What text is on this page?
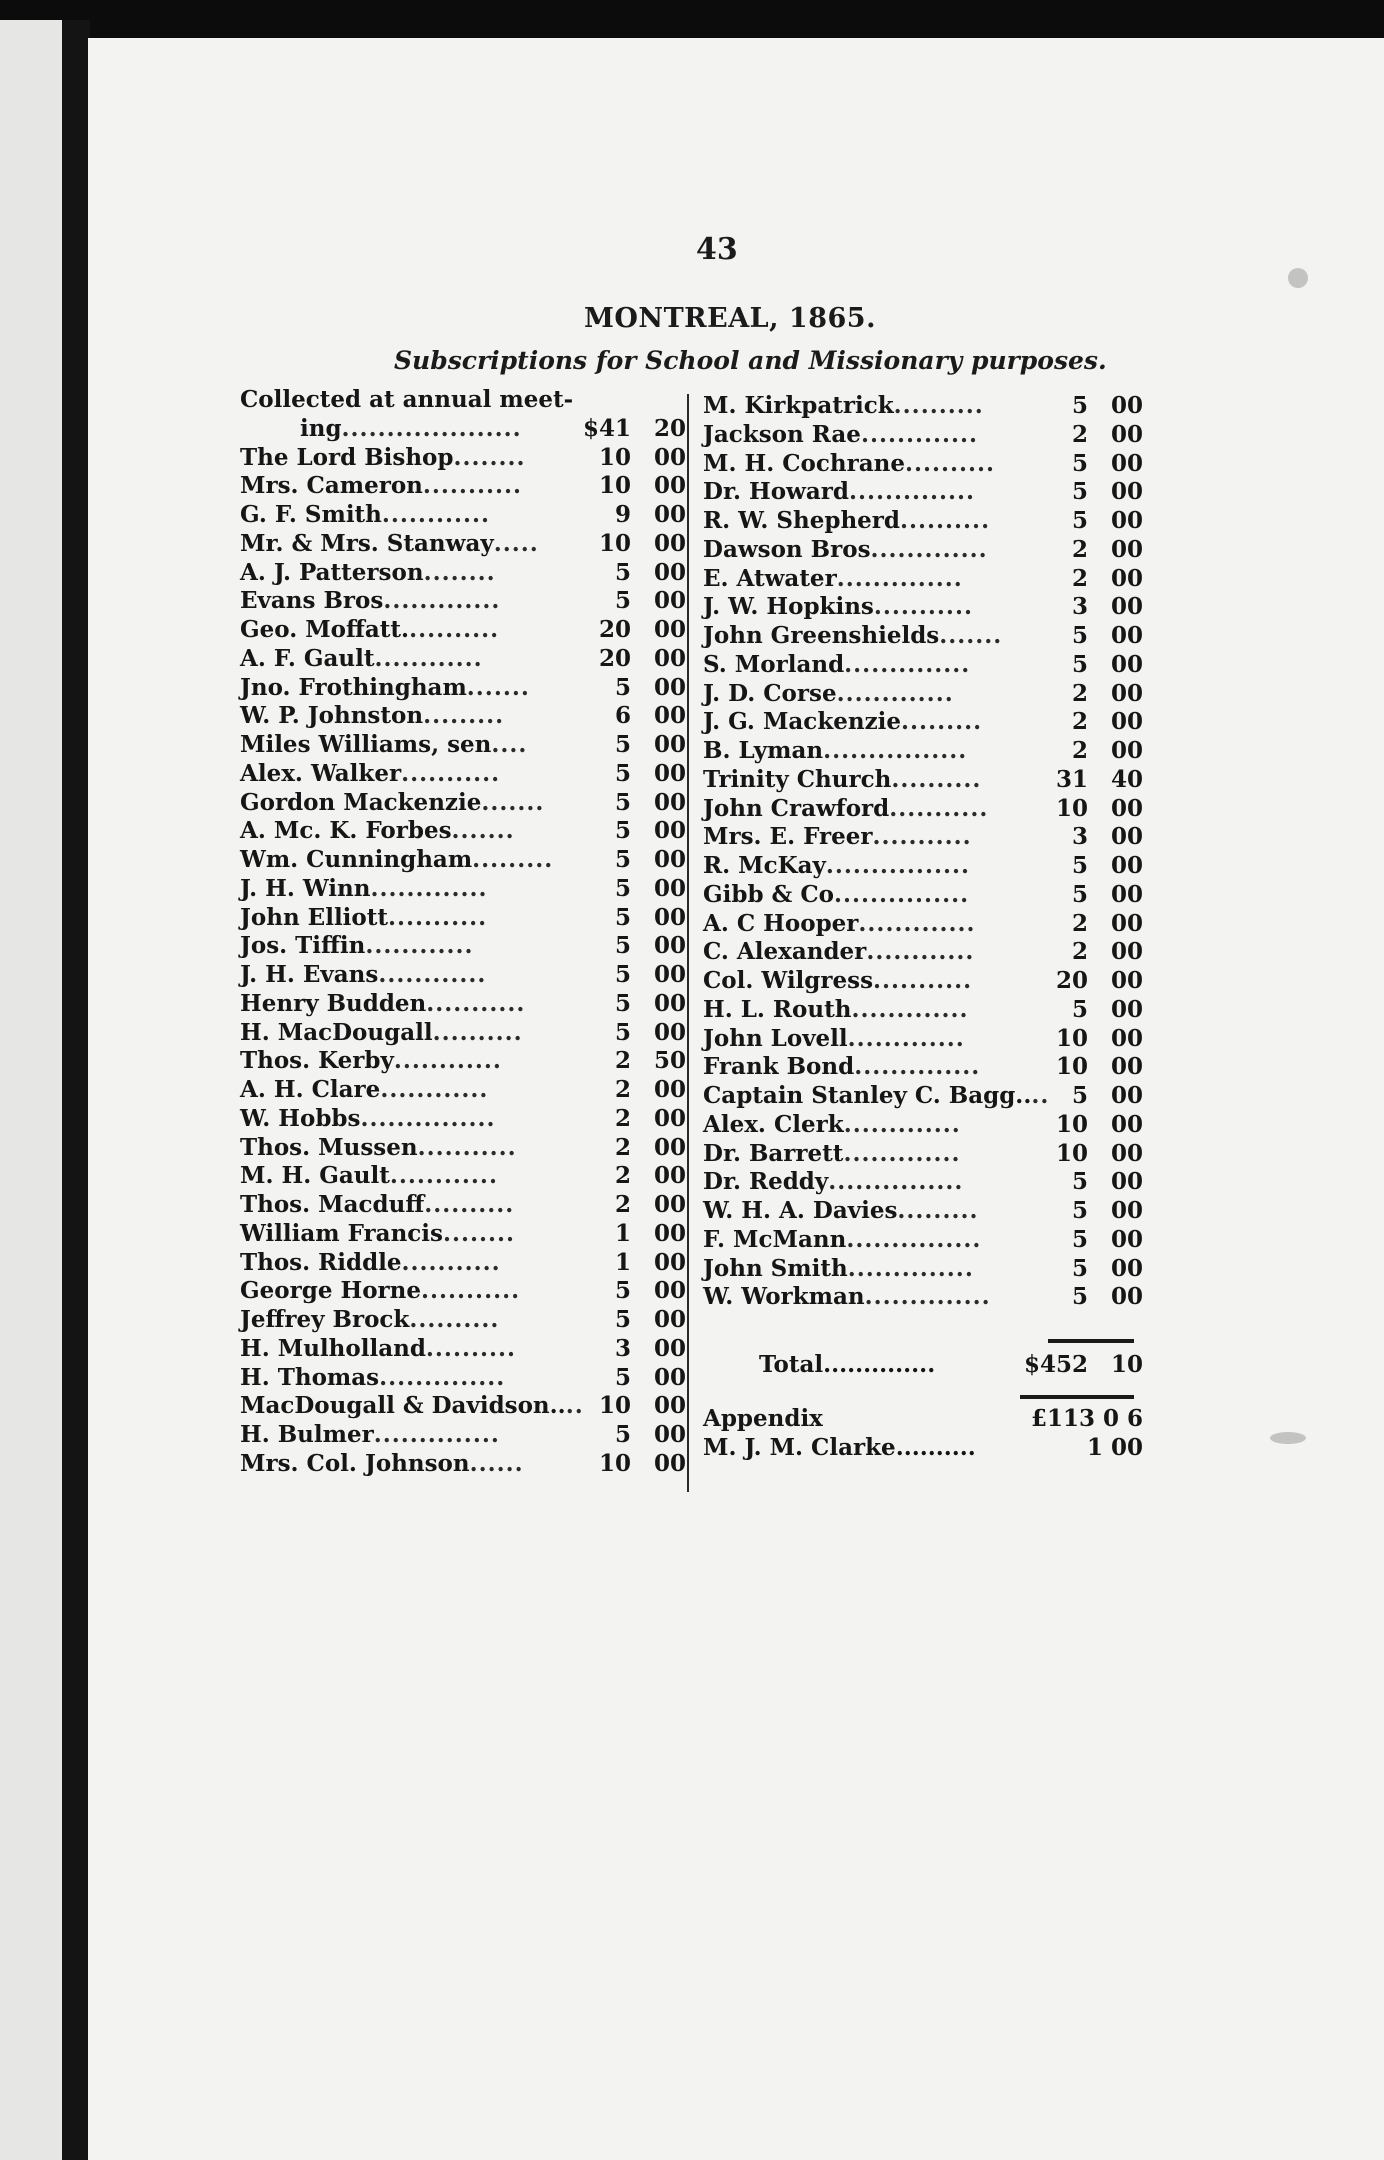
43
MONTREAL, 1865.
Subscriptions for School and Missionary purposes.
Collected at annual meet-
ing....................	$41 20
The Lord Bishop........	10 00
Mrs. Cameron...........	10 00
G. F. Smith............	9 00
Mr. & Mrs. Stanway.....	10 00
A. J. Patterson........	5 00
Evans Bros.............	5 00
Geo. Moffatt...........	20 00
A. F. Gault............	20 00
Jno. Frothingham.......	5 00
W. P. Johnston.........	6 00
Miles Williams, sen....	5 00
Alex. Walker...........	5 00
Gordon Mackenzie.......	5 00
A. Mc. K. Forbes.......	5 00
Wm. Cunningham.........	5 00
J. H. Winn.............	5 00
John Elliott...........	5 00
Jos. Tiffin............	5 00
J. H. Evans............	5 00
Henry Budden...........	5 00
H. MacDougall..........	5 00
Thos. Kerby............	2 50
A. H. Clare............	2 00
W. Hobbs...............	2 00
Thos. Mussen...........	2 00
M. H. Gault............	2 00
Thos. Macduff..........	2 00
William Francis........	1 00
Thos. Riddle...........	1 00
George Horne...........	5 00
Jeffrey Brock..........	5 00
H. Mulholland..........	3 00
H. Thomas..............	5 00
MacDougall & Davidson.... 10 00
H. Bulmer..............	5 00
Mrs. Col. Johnson......	10 00
M. Kirkpatrick..........	5 00
Jackson Rae.............	2 00
M. H. Cochrane..........	5 00
Dr. Howard..............	5 00
R. W. Shepherd..........	5 00
Dawson Bros.............	2 00
E. Atwater..............	2 00
J. W. Hopkins...........	3 00
John Greenshields.......	5 00
S. Morland..............	5 00
J. D. Corse.............	2 00
J. G. Mackenzie.........	2 00
B. Lyman................	2 00
Trinity Church..........	31 40
John Crawford...........	10 00
Mrs. E. Freer...........	3 00
R. McKay................	5 00
Gibb & Co...............	5 00
A. C Hooper.............	2 00
C. Alexander............	2 00
Col. Wilgress...........	20 00
H. L. Routh.............	5 00
John Lovell.............	10 00
Frank Bond..............	10 00
Captain Stanley C. Bagg.... 5 00
Alex. Clerk.............	10 00
Dr. Barrett.............	10 00
Dr. Reddy...............	5 00
W. H. A. Davies.........	5 00
F. McMann...............	5 00
John Smith..............	5 00
W. Workman..............	5 00
Total..............	$452 10
Appendix	£113 0 6
M. J. M. Clarke..........	1 00
